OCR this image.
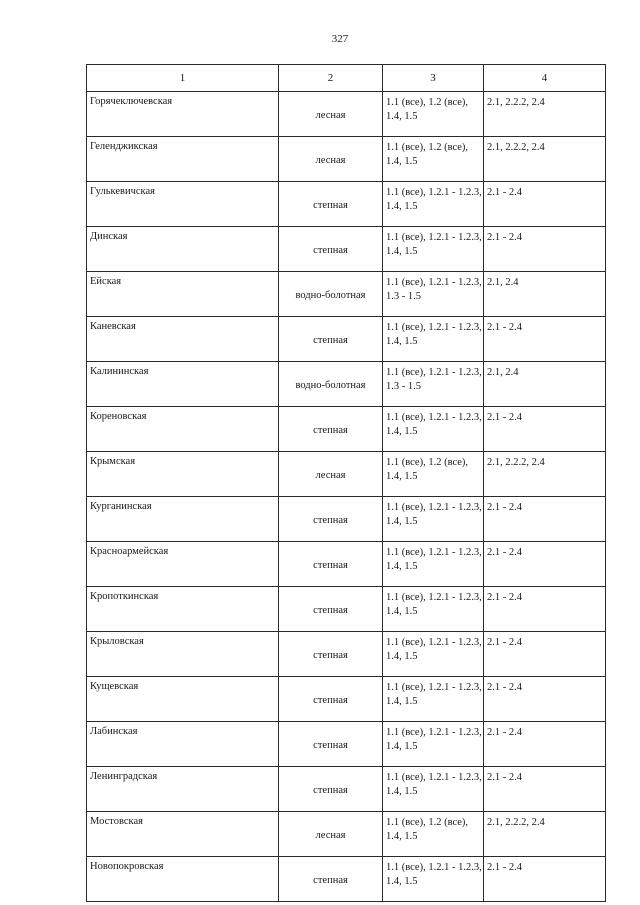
327
1	2	3	4
Горячеключевская	лесная	1.1 (все), 1.2 (все), 1.4, 1.5	2.1, 2.2.2, 2.4
Геленджикская	лесная	1.1 (все), 1.2 (все), 1.4, 1.5	2.1, 2.2.2, 2.4
Гулькевичская	степная	1.1 (все), 1.2.1 - 1.2.3, 1.4, 1.5	2.1 - 2.4
Динская	степная	1.1 (все), 1.2.1 - 1.2.3, 1.4, 1.5	2.1 - 2.4
Ейская	водно-болотная	1.1 (все), 1.2.1 - 1.2.3, 1.3 - 1.5	2.1, 2.4
Каневская	степная	1.1 (все), 1.2.1 - 1.2.3, 1.4, 1.5	2.1 - 2.4
Калининская	водно-болотная	1.1 (все), 1.2.1 - 1.2.3, 1.3 - 1.5	2.1, 2.4
Кореновская	степная	1.1 (все), 1.2.1 - 1.2.3, 1.4, 1.5	2.1 - 2.4
Крымская	лесная	1.1 (все), 1.2 (все), 1.4, 1.5	2.1, 2.2.2, 2.4
Курганинская	степная	1.1 (все), 1.2.1 - 1.2.3, 1.4, 1.5	2.1 - 2.4
Красноармейская	степная	1.1 (все), 1.2.1 - 1.2.3, 1.4, 1.5	2.1 - 2.4
Кропоткинская	степная	1.1 (все), 1.2.1 - 1.2.3, 1.4, 1.5	2.1 - 2.4
Крыловская	степная	1.1 (все), 1.2.1 - 1.2.3, 1.4, 1.5	2.1 - 2.4
Кущевская	степная	1.1 (все), 1.2.1 - 1.2.3, 1.4, 1.5	2.1 - 2.4
Лабинская	степная	1.1 (все), 1.2.1 - 1.2.3, 1.4, 1.5	2.1 - 2.4
Ленинградская	степная	1.1 (все), 1.2.1 - 1.2.3, 1.4, 1.5	2.1 - 2.4
Мостовская	лесная	1.1 (все), 1.2 (все), 1.4, 1.5	2.1, 2.2.2, 2.4
Новопокровская	степная	1.1 (все), 1.2.1 - 1.2.3, 1.4, 1.5	2.1 - 2.4
